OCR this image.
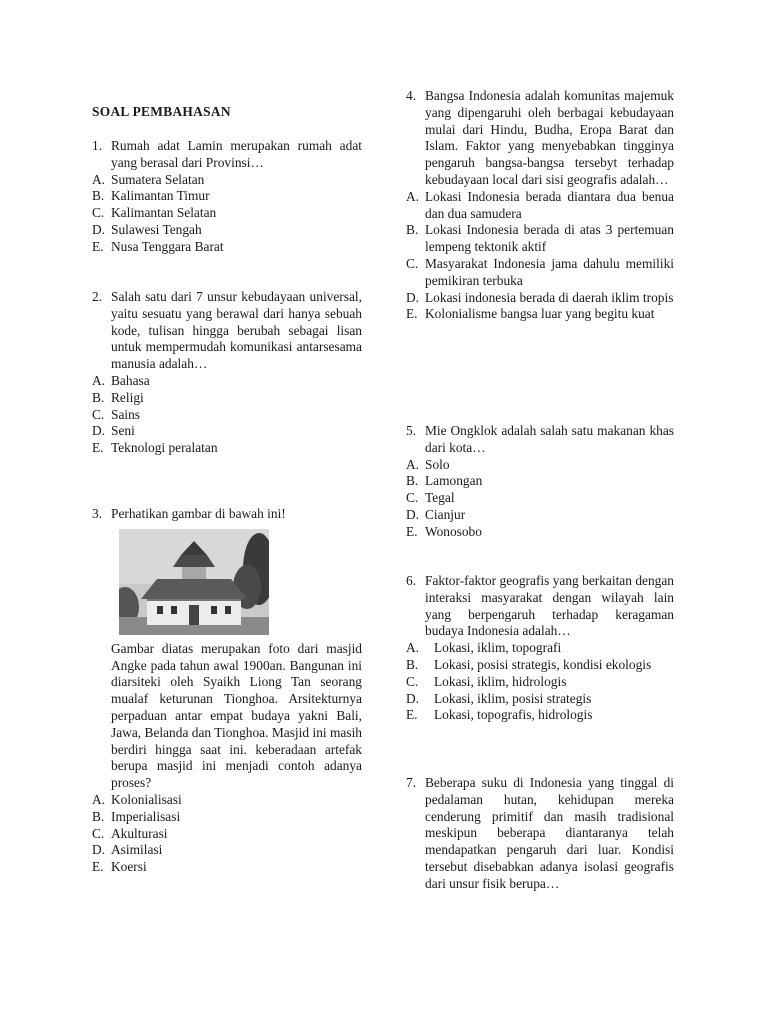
SOAL PEMBAHASAN
1. Rumah adat Lamin merupakan rumah adat yang berasal dari Provinsi…
A. Sumatera Selatan
B. Kalimantan Timur
C. Kalimantan Selatan
D. Sulawesi Tengah
E. Nusa Tenggara Barat
2. Salah satu dari 7 unsur kebudayaan universal, yaitu sesuatu yang berawal dari hanya sebuah kode, tulisan hingga berubah sebagai lisan untuk mempermudah komunikasi antarsesama manusia adalah…
A. Bahasa
B. Religi
C. Sains
D. Seni
E. Teknologi peralatan
3. Perhatikan gambar di bawah ini!
Gambar diatas merupakan foto dari masjid Angke pada tahun awal 1900an. Bangunan ini diarsiteki oleh Syaikh Liong Tan seorang mualaf keturunan Tionghoa. Arsitekturnya perpaduan antar empat budaya yakni Bali, Jawa, Belanda dan Tionghoa. Masjid ini masih berdiri hingga saat ini. keberadaan artefak berupa masjid ini menjadi contoh adanya proses?
A. Kolonialisasi
B. Imperialisasi
C. Akulturasi
D. Asimilasi
E. Koersi
4. Bangsa Indonesia adalah komunitas majemuk yang dipengaruhi oleh berbagai kebudayaan mulai dari Hindu, Budha, Eropa Barat dan Islam. Faktor yang menyebabkan tingginya pengaruh bangsa-bangsa tersebyt terhadap kebudayaan local dari sisi geografis adalah…
A. Lokasi Indonesia berada diantara dua benua dan dua samudera
B. Lokasi Indonesia berada di atas 3 pertemuan lempeng tektonik aktif
C. Masyarakat Indonesia jama dahulu memiliki pemikiran terbuka
D. Lokasi indonesia berada di daerah iklim tropis
E. Kolonialisme bangsa luar yang begitu kuat
5. Mie Ongklok adalah salah satu makanan khas dari kota…
A. Solo
B. Lamongan
C. Tegal
D. Cianjur
E. Wonosobo
6. Faktor-faktor geografis yang berkaitan dengan interaksi masyarakat dengan wilayah lain yang berpengaruh terhadap keragaman budaya Indonesia adalah…
A.	Lokasi, iklim, topografi
B.	Lokasi, posisi strategis, kondisi ekologis
C.	Lokasi, iklim, hidrologis
D.	Lokasi, iklim, posisi strategis
E.	Lokasi, topografis, hidrologis
7. Beberapa suku di Indonesia yang tinggal di pedalaman hutan, kehidupan mereka cenderung primitif dan masih tradisional meskipun beberapa diantaranya telah mendapatkan pengaruh dari luar. Kondisi tersebut disebabkan adanya isolasi geografis dari unsur fisik berupa…
